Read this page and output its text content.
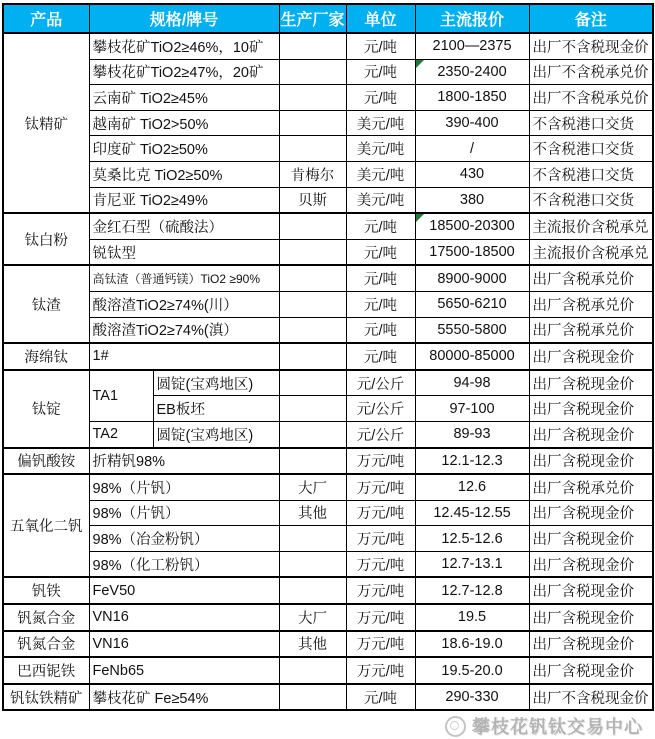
产品	规格/牌号		生产厂家	单位	主流报价	备注
钛精矿	攀枝花矿TiO2≥46%，10矿			元/吨	2100—2375	出厂不含税现金价
	攀枝花矿TiO2≥47%，20矿			元/吨	2350-2400	出厂不含税承兑价
	云南矿 TiO2≥45%			元/吨	1800-1850	出厂不含税承兑价
	越南矿 TiO2>50%			美元/吨	390-400	不含税港口交货
	印度矿 TiO2≥50%			美元/吨	/	不含税港口交货
	莫桑比克 TiO2≥50%		肯梅尔	美元/吨	430	不含税港口交货
	肯尼亚 TiO2≥49%		贝斯	美元/吨	380	不含税港口交货
钛白粉	金红石型（硫酸法）			元/吨	18500-20300	主流报价含税承兑
	锐钛型			元/吨	17500-18500	主流报价含税承兑
钛渣	高钛渣（普通钙镁）TiO2 ≥90%			元/吨	8900-9000	出厂含税承兑价
	酸溶渣TiO2≥74%(川）			元/吨	5650-6210	出厂含税承兑价
	酸溶渣TiO2≥74%(滇）			元/吨	5550-5800	出厂含税承兑价
海绵钛	1#			元/吨	80000-85000	出厂含税现金价
钛锭	TA1	圆锭(宝鸡地区)		元/公斤	94-98	出厂含税现金价
		EB板坯		元/公斤	97-100	出厂含税现金价
	TA2	圆锭(宝鸡地区)		元/公斤	89-93	出厂含税现金价
偏钒酸铵	折精钒98%			万元/吨	12.1-12.3	出厂含税现金价
五氧化二钒	98%（片钒）		大厂	万元/吨	12.6	出厂含税承兑价
	98%（片钒）		其他	万元/吨	12.45-12.55	出厂含税现金价
	98%（冶金粉钒）			万元/吨	12.5-12.6	出厂含税现金价
	98%（化工粉钒）			万元/吨	12.7-13.1	出厂含税现金价
钒铁	FeV50			万元/吨	12.7-12.8	出厂含税现金价
钒氮合金	VN16		大厂	万元/吨	19.5	出厂含税现金价
钒氮合金	VN16		其他	万元/吨	18.6-19.0	出厂含税现金价
巴西铌铁	FeNb65			万元/吨	19.5-20.0	出厂含税现金价
钒钛铁精矿	攀枝花矿 Fe≥54%			元/吨	290-330	出厂不含税现金价
攀枝花钒钛交易中心
